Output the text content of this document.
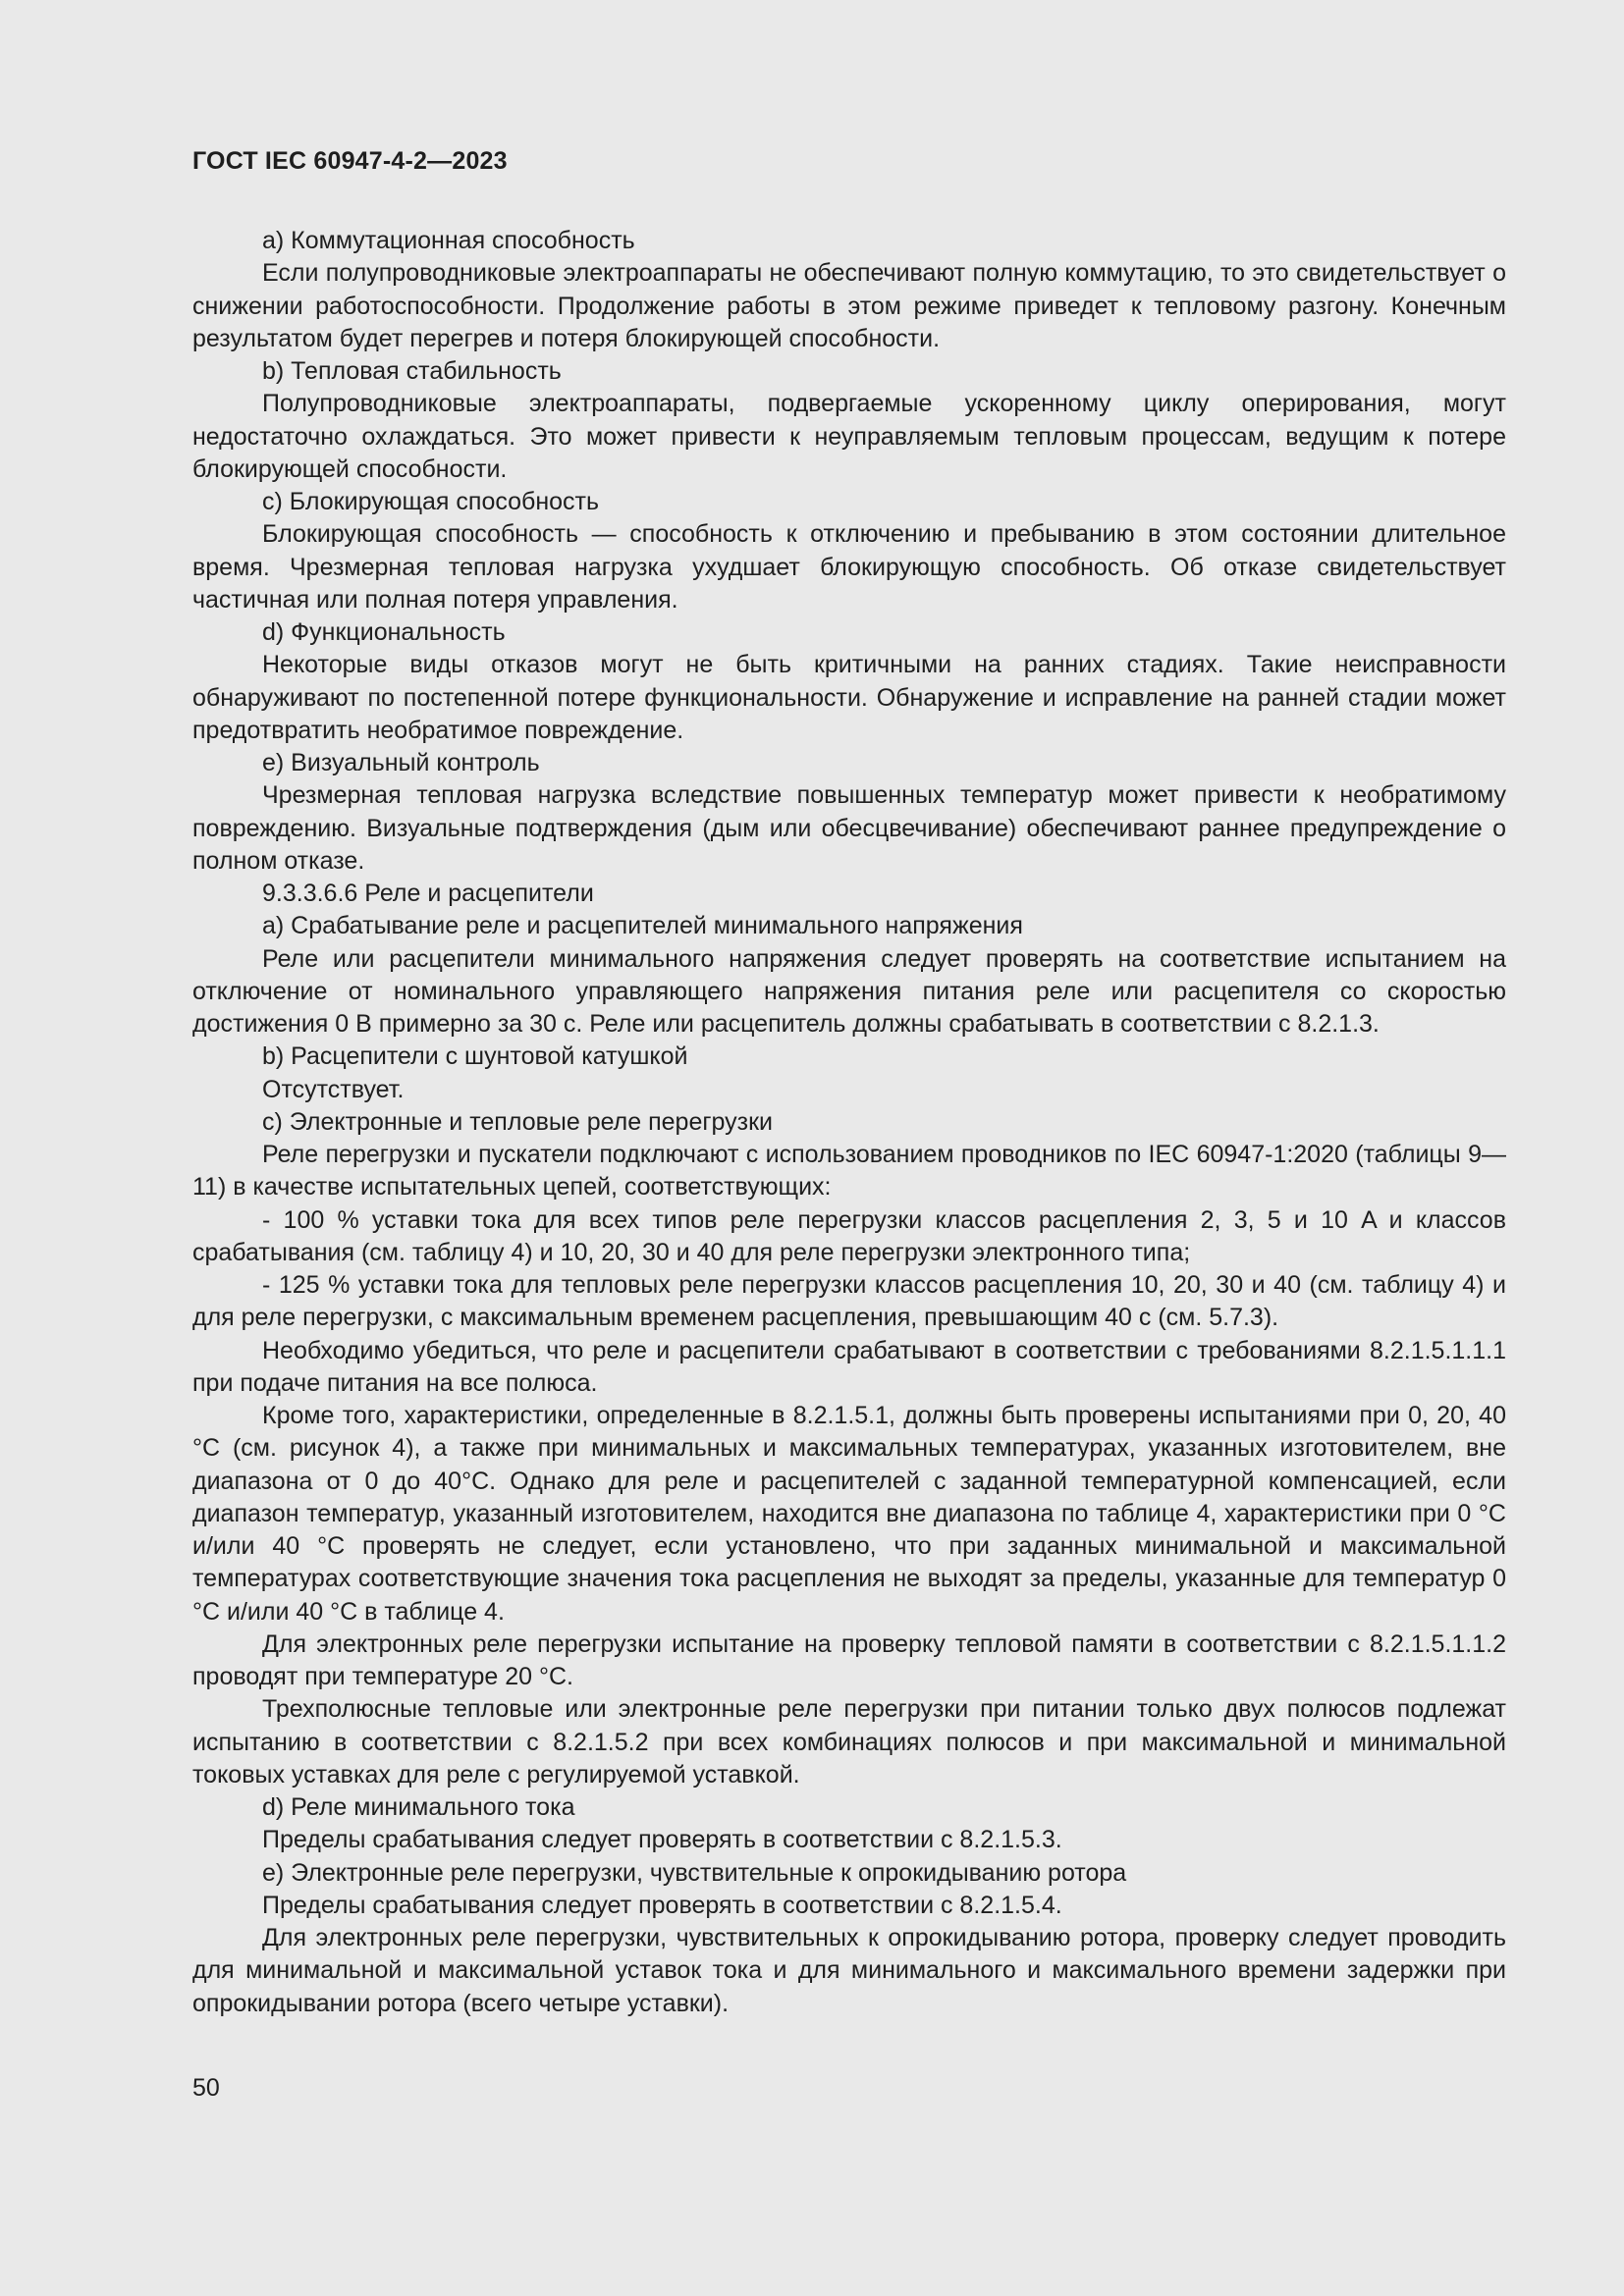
ГОСТ IEC 60947-4-2—2023

a) Коммутационная способность

Если полупроводниковые электроаппараты не обеспечивают полную коммутацию, то это свидетельствует о снижении работоспособности. Продолжение работы в этом режиме приведет к тепловому разгону. Конечным результатом будет перегрев и потеря блокирующей способности.

b) Тепловая стабильность

Полупроводниковые электроаппараты, подвергаемые ускоренному циклу оперирования, могут недостаточно охлаждаться. Это может привести к неуправляемым тепловым процессам, ведущим к потере блокирующей способности.

c) Блокирующая способность

Блокирующая способность — способность к отключению и пребыванию в этом состоянии длительное время. Чрезмерная тепловая нагрузка ухудшает блокирующую способность. Об отказе свидетельствует частичная или полная потеря управления.

d) Функциональность

Некоторые виды отказов могут не быть критичными на ранних стадиях. Такие неисправности обнаруживают по постепенной потере функциональности. Обнаружение и исправление на ранней стадии может предотвратить необратимое повреждение.

e) Визуальный контроль

Чрезмерная тепловая нагрузка вследствие повышенных температур может привести к необратимому повреждению. Визуальные подтверждения (дым или обесцвечивание) обеспечивают раннее предупреждение о полном отказе.

9.3.3.6.6 Реле и расцепители

a) Срабатывание реле и расцепителей минимального напряжения

Реле или расцепители минимального напряжения следует проверять на соответствие испытанием на отключение от номинального управляющего напряжения питания реле или расцепителя со скоростью достижения 0 В примерно за 30 с. Реле или расцепитель должны срабатывать в соответствии с 8.2.1.3.

b) Расцепители с шунтовой катушкой

Отсутствует.

c) Электронные и тепловые реле перегрузки

Реле перегрузки и пускатели подключают с использованием проводников по IEC 60947-1:2020 (таблицы 9—11) в качестве испытательных цепей, соответствующих:

- 100 % уставки тока для всех типов реле перегрузки классов расцепления 2, 3, 5 и 10 A и классов срабатывания (см. таблицу 4) и 10, 20, 30 и 40 для реле перегрузки электронного типа;

- 125 % уставки тока для тепловых реле перегрузки классов расцепления 10, 20, 30 и 40 (см. таблицу 4) и для реле перегрузки, с максимальным временем расцепления, превышающим 40 с (см. 5.7.3).

Необходимо убедиться, что реле и расцепители срабатывают в соответствии с требованиями 8.2.1.5.1.1.1 при подаче питания на все полюса.

Кроме того, характеристики, определенные в 8.2.1.5.1, должны быть проверены испытаниями при 0, 20, 40 °C (см. рисунок 4), а также при минимальных и максимальных температурах, указанных изготовителем, вне диапазона от 0 до 40°C. Однако для реле и расцепителей с заданной температурной компенсацией, если диапазон температур, указанный изготовителем, находится вне диапазона по таблице 4, характеристики при 0 °C и/или 40 °C проверять не следует, если установлено, что при заданных минимальной и максимальной температурах соответствующие значения тока расцепления не выходят за пределы, указанные для температур 0 °C и/или 40 °C в таблице 4.

Для электронных реле перегрузки испытание на проверку тепловой памяти в соответствии с 8.2.1.5.1.1.2 проводят при температуре 20 °C.

Трехполюсные тепловые или электронные реле перегрузки при питании только двух полюсов подлежат испытанию в соответствии с 8.2.1.5.2 при всех комбинациях полюсов и при максимальной и минимальной токовых уставках для реле с регулируемой уставкой.

d) Реле минимального тока

Пределы срабатывания следует проверять в соответствии с 8.2.1.5.3.

e) Электронные реле перегрузки, чувствительные к опрокидыванию ротора

Пределы срабатывания следует проверять в соответствии с 8.2.1.5.4.

Для электронных реле перегрузки, чувствительных к опрокидыванию ротора, проверку следует проводить для минимальной и максимальной уставок тока и для минимального и максимального времени задержки при опрокидывании ротора (всего четыре уставки).

50
